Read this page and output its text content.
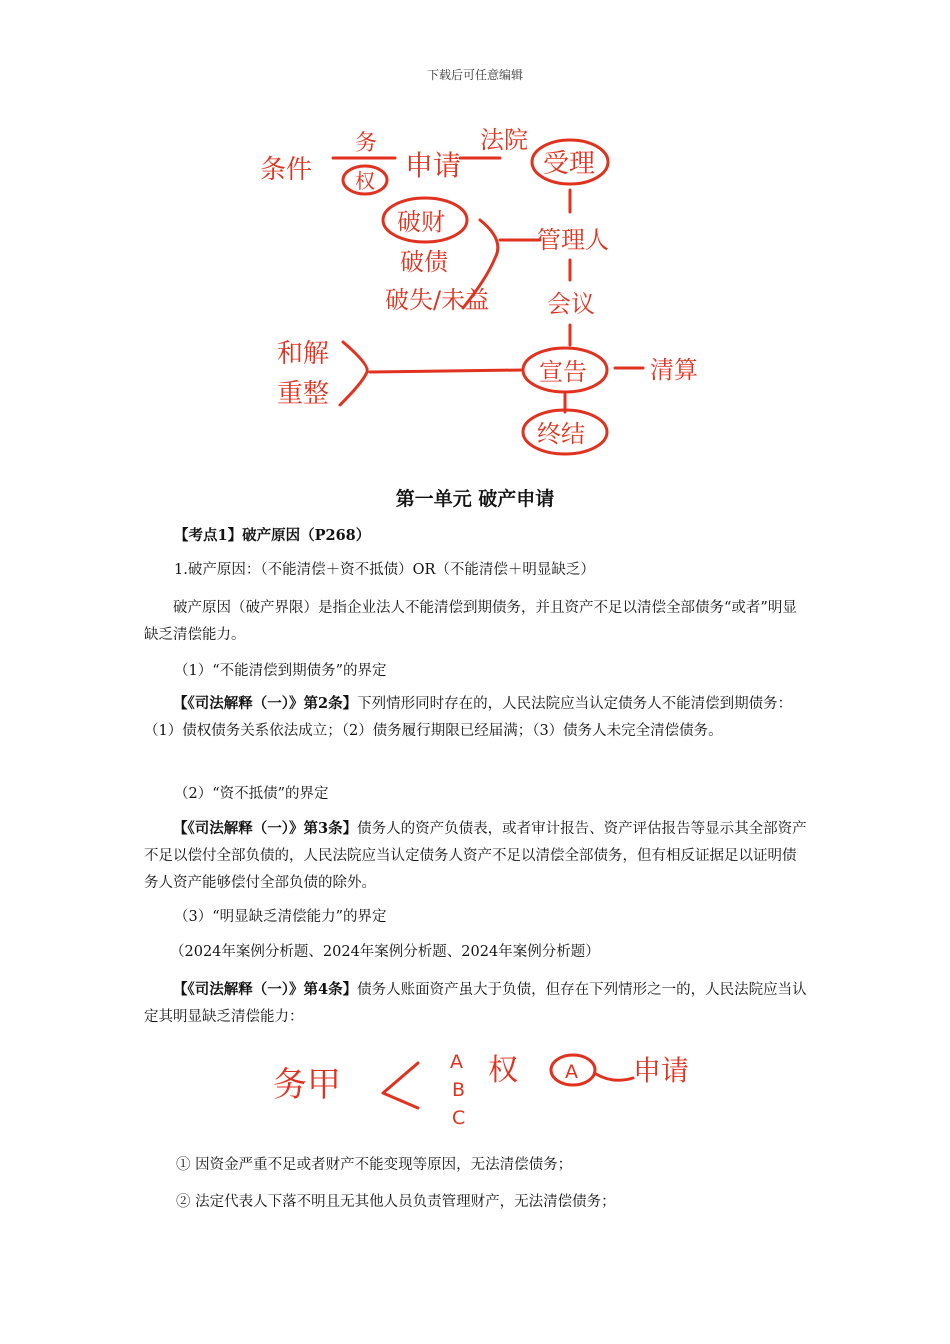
下载后可任意编辑
条件
务
权 申请
法院
受理
破财
破债
破失/未益
管理人
会议
和解
重整
宣告	清算
终结
第一单元 破产申请
【考点1】破产原因（P268）
1.破产原因：（不能清偿＋资不抵债）OR（不能清偿＋明显缺乏）
破产原因（破产界限）是指企业法人不能清偿到期债务，并且资产不足以清偿全部债务“或者”明显缺乏清偿能力。
（1）“不能清偿到期债务”的界定
【《司法解释（一）》第2条】下列情形同时存在的，人民法院应当认定债务人不能清偿到期债务：（1）债权债务关系依法成立；（2）债务履行期限已经届满；（3）债务人未完全清偿债务。
（2）“资不抵债”的界定
【《司法解释（一）》第3条】债务人的资产负债表，或者审计报告、资产评估报告等显示其全部资产不足以偿付全部负债的，人民法院应当认定债务人资产不足以清偿全部债务，但有相反证据足以证明债务人资产能够偿付全部负债的除外。
（3）“明显缺乏清偿能力”的界定
（2024年案例分析题、2024年案例分析题、2024年案例分析题）
【《司法解释（一）》第4条】债务人账面资产虽大于负债，但存在下列情形之一的，人民法院应当认定其明显缺乏清偿能力：
务甲
A
B
C
权 A 申请
① 因资金严重不足或者财产不能变现等原因，无法清偿债务；
② 法定代表人下落不明且无其他人员负责管理财产，无法清偿债务；
